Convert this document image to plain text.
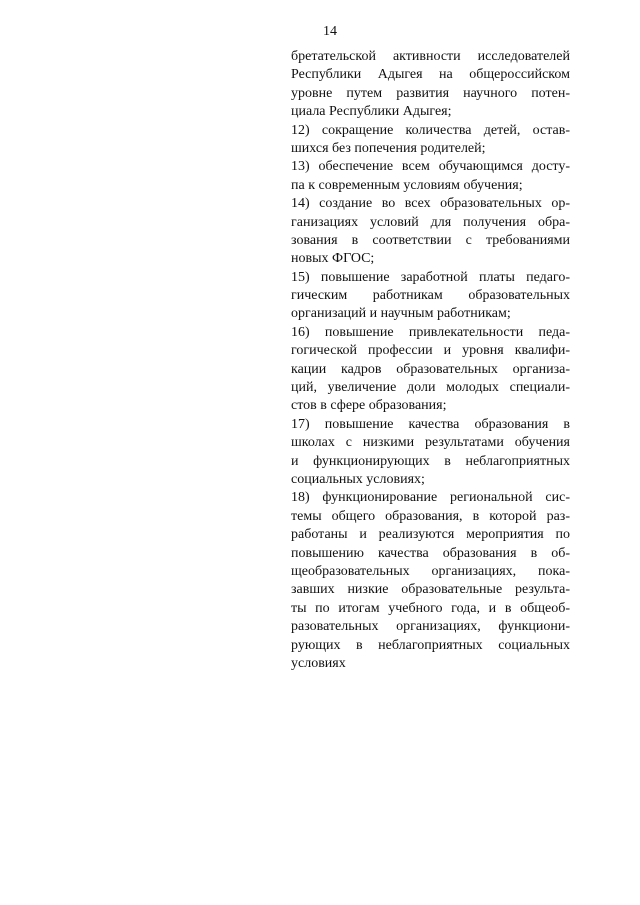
14
бретательской активности исследователей
Республики Адыгея на общероссийском
уровне путем развития научного потен-
циала Республики Адыгея;
12) сокращение количества детей, остав-
шихся без попечения родителей;
13) обеспечение всем обучающимся досту-
па к современным условиям обучения;
14) создание во всех образовательных ор-
ганизациях условий для получения обра-
зования в соответствии с требованиями
новых ФГОС;
15) повышение заработной платы педаго-
гическим работникам образовательных
организаций и научным работникам;
16) повышение привлекательности педа-
гогической профессии и уровня квалифи-
кации кадров образовательных организа-
ций, увеличение доли молодых специали-
стов в сфере образования;
17) повышение качества образования в
школах с низкими результатами обучения
и функционирующих в неблагоприятных
социальных условиях;
18) функционирование региональной сис-
темы общего образования, в которой раз-
работаны и реализуются мероприятия по
повышению качества образования в об-
щеобразовательных организациях, пока-
завших низкие образовательные результа-
ты по итогам учебного года, и в общеоб-
разовательных организациях, функциони-
рующих в неблагоприятных социальных
условиях
